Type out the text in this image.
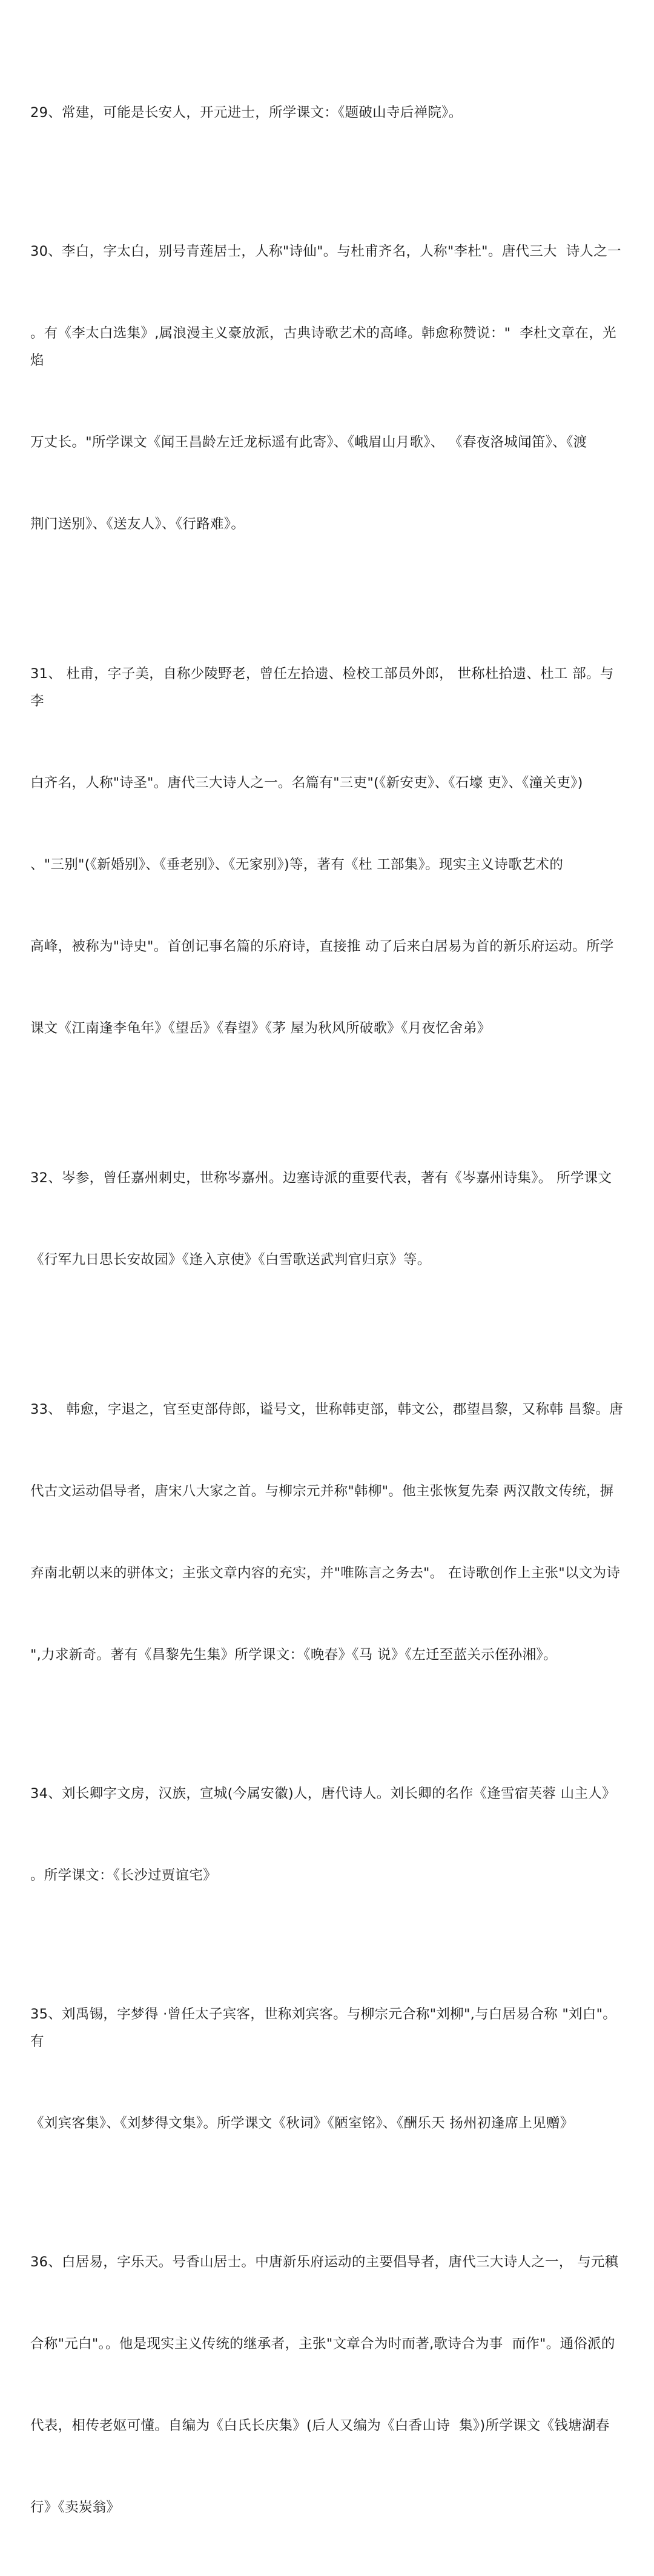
29、常建，可能是长安人，开元进士，所学课文：《题破山寺后禅院》。

30、李白，字太白，别号青莲居士，人称"诗仙"。与杜甫齐名，人称"李杜"。唐代三大  诗人之一

。有《李太白选集》,属浪漫主义豪放派，古典诗歌艺术的高峰。韩愈称赞说："  李杜文章在，光焰

万丈长。"所学课文《闻王昌龄左迁龙标遥有此寄》、《峨眉山月歌》、 《春夜洛城闻笛》、《渡

荆门送别》、《送友人》、《行路难》。

31、 杜甫，字子美，自称少陵野老，曾任左拾遗、检校工部员外郎， 世称杜拾遗、杜工 部。与李

白齐名，人称"诗圣"。唐代三大诗人之一。名篇有"三吏"(《新安吏》、《石壕 吏》、《潼关吏》)

、"三别"(《新婚别》、《垂老别》、《无家别》)等，著有《杜 工部集》。现实主义诗歌艺术的

高峰，被称为"诗史"。首创记事名篇的乐府诗，直接推 动了后来白居易为首的新乐府运动。所学

课文《江南逢李龟年》《望岳》《春望》《茅 屋为秋风所破歌》《月夜忆舍弟》

32、岑参，曾任嘉州刺史，世称岑嘉州。边塞诗派的重要代表，著有《岑嘉州诗集》。 所学课文

《行军九日思长安故园》《逢入京使》《白雪歌送武判官归京》等。

33、 韩愈，字退之，官至吏部侍郎，谥号文，世称韩吏部，韩文公，郡望昌黎，又称韩 昌黎。唐

代古文运动倡导者，唐宋八大家之首。与柳宗元并称"韩柳"。他主张恢复先秦 两汉散文传统，摒

弃南北朝以来的骈体文；主张文章内容的充实，并"唯陈言之务去"。 在诗歌创作上主张"以文为诗

",力求新奇。著有《昌黎先生集》所学课文：《晚春》《马 说》《左迁至蓝关示侄孙湘》。

34、刘长卿字文房，汉族，宣城(今属安徽)人，唐代诗人。刘长卿的名作《逢雪宿芙蓉 山主人》

。所学课文：《长沙过贾谊宅》

35、刘禹锡，字梦得 ·曾任太子宾客，世称刘宾客。与柳宗元合称"刘柳",与白居易合称 "刘白"。有

《刘宾客集》、《刘梦得文集》。所学课文《秋词》《陋室铭》、《酬乐天 扬州初逢席上见赠》

36、白居易，字乐天。号香山居士。中唐新乐府运动的主要倡导者，唐代三大诗人之一， 与元稹

合称"元白"。。他是现实主义传统的继承者，主张"文章合为时而著,歌诗合为事  而作"。通俗派的

代表，相传老妪可懂。自编为《白氏长庆集》(后人又编为《白香山诗  集》)所学课文《钱塘湖春

行》《卖炭翁》
